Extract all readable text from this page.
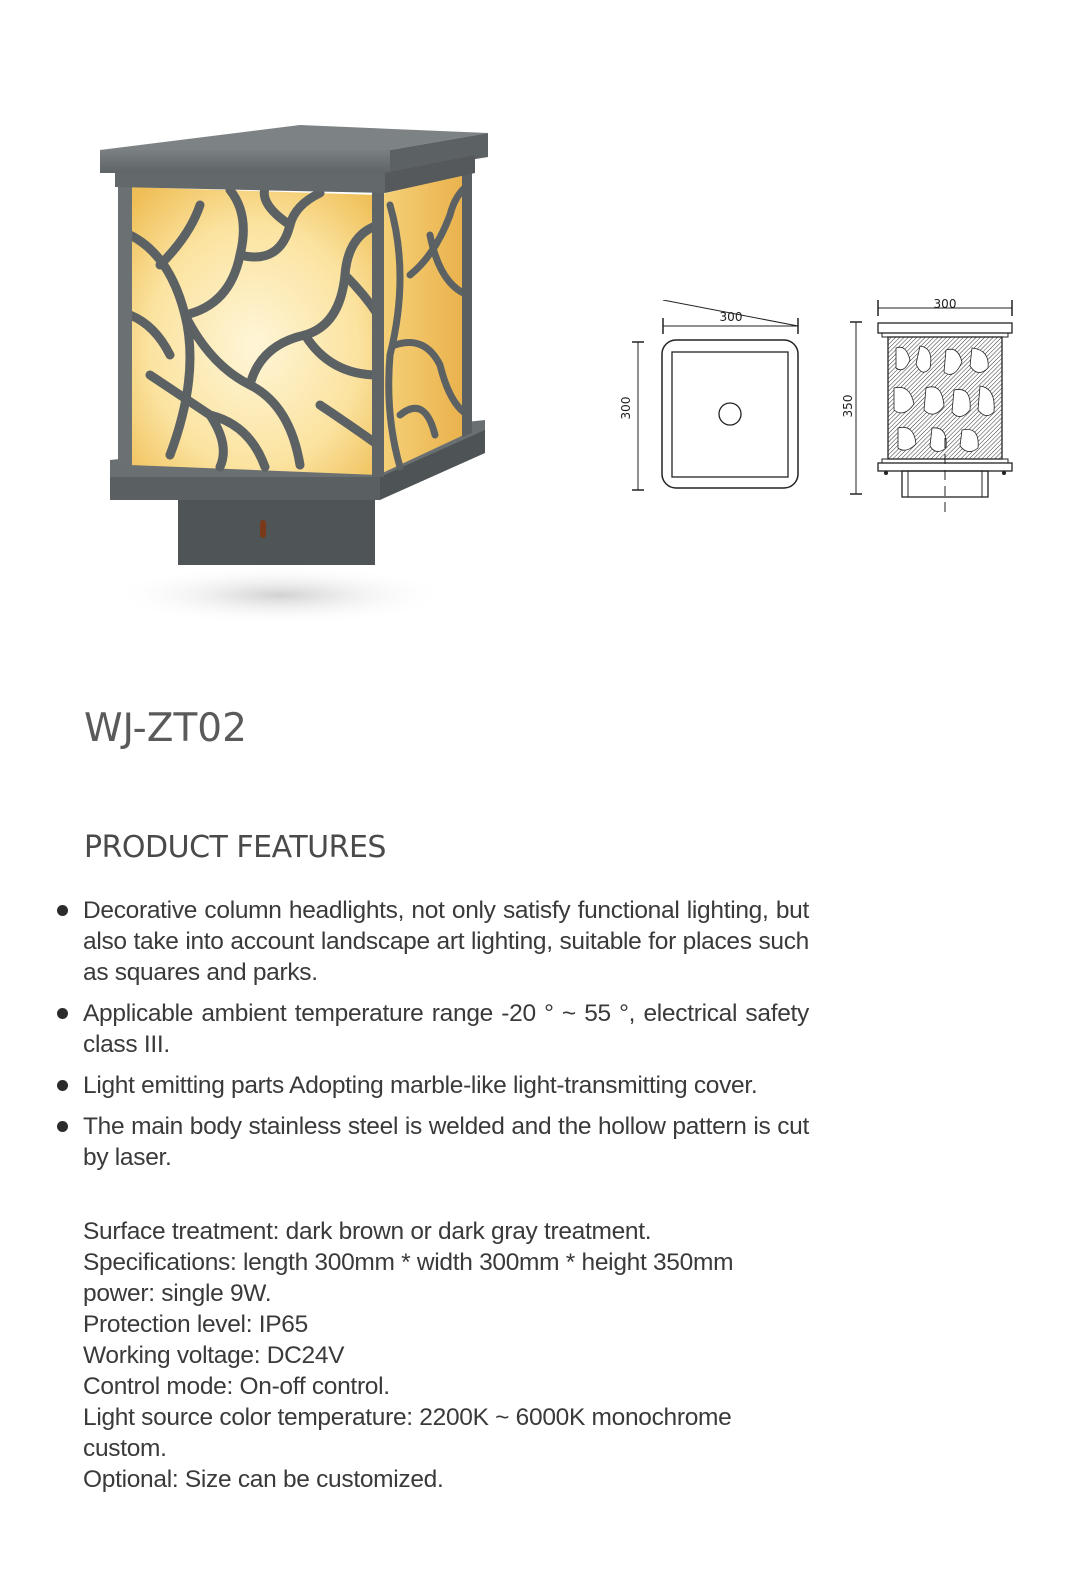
300
300
300
350
WJ-ZT02
PRODUCT FEATURES
Decorative column headlights, not only satisfy functional lighting, but also take into account landscape art lighting, suitable for places such as squares and parks.
Applicable ambient temperature range -20 ° ~ 55 °, electrical safety class III.
Light emitting parts Adopting marble-like light-transmitting cover.
The main body stainless steel is welded and the hollow pattern is cut by laser.
Surface treatment: dark brown or dark gray treatment.
Specifications: length 300mm * width 300mm * height 350mm
power: single 9W.
Protection level: IP65
Working voltage: DC24V
Control mode: On-off control.
Light source color temperature: 2200K ~ 6000K monochrome custom.
Optional: Size can be customized.
